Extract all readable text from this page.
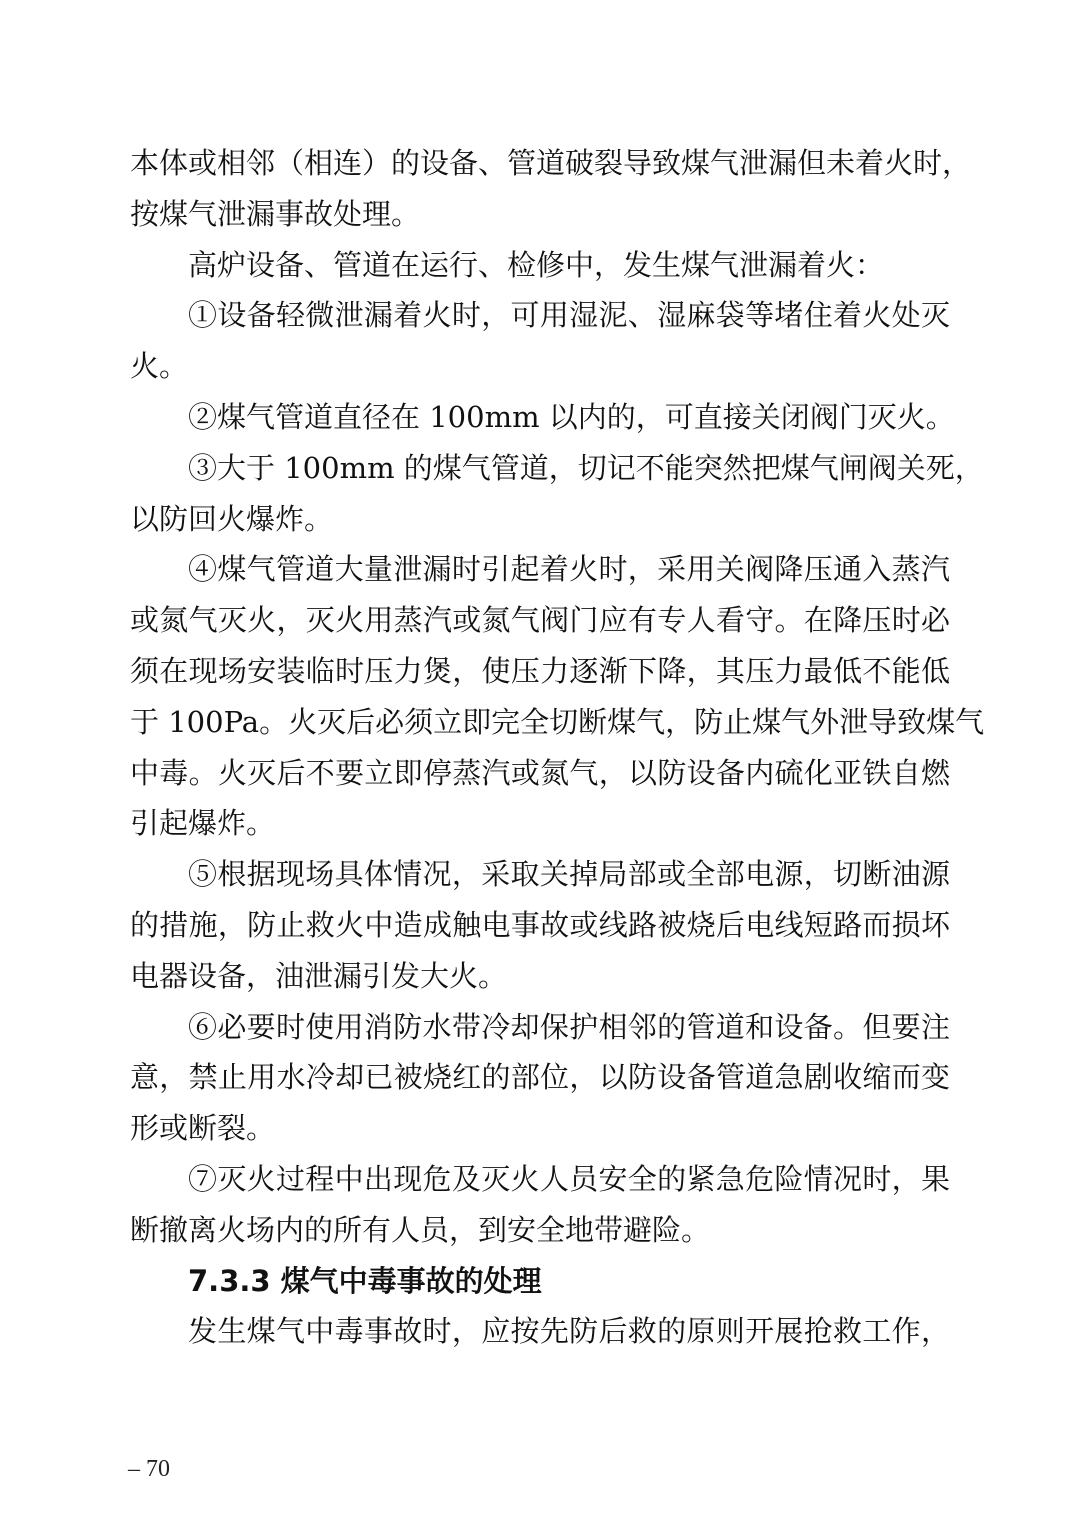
本体或相邻（相连）的设备、管道破裂导致煤气泄漏但未着火时，
按煤气泄漏事故处理。
高炉设备、管道在运行、检修中，发生煤气泄漏着火：
①设备轻微泄漏着火时，可用湿泥、湿麻袋等堵住着火处灭
火。
②煤气管道直径在 100mm 以内的，可直接关闭阀门灭火。
③大于 100mm 的煤气管道，切记不能突然把煤气闸阀关死，
以防回火爆炸。
④煤气管道大量泄漏时引起着火时，采用关阀降压通入蒸汽
或氮气灭火，灭火用蒸汽或氮气阀门应有专人看守。在降压时必
须在现场安装临时压力煲，使压力逐渐下降，其压力最低不能低
于 100Pa。火灭后必须立即完全切断煤气，防止煤气外泄导致煤气
中毒。火灭后不要立即停蒸汽或氮气，以防设备内硫化亚铁自燃
引起爆炸。
⑤根据现场具体情况，采取关掉局部或全部电源，切断油源
的措施，防止救火中造成触电事故或线路被烧后电线短路而损坏
电器设备，油泄漏引发大火。
⑥必要时使用消防水带冷却保护相邻的管道和设备。但要注
意，禁止用水冷却已被烧红的部位，以防设备管道急剧收缩而变
形或断裂。
⑦灭火过程中出现危及灭火人员安全的紧急危险情况时，果
断撤离火场内的所有人员，到安全地带避险。
7.3.3 煤气中毒事故的处理
发生煤气中毒事故时，应按先防后救的原则开展抢救工作，
– 70
